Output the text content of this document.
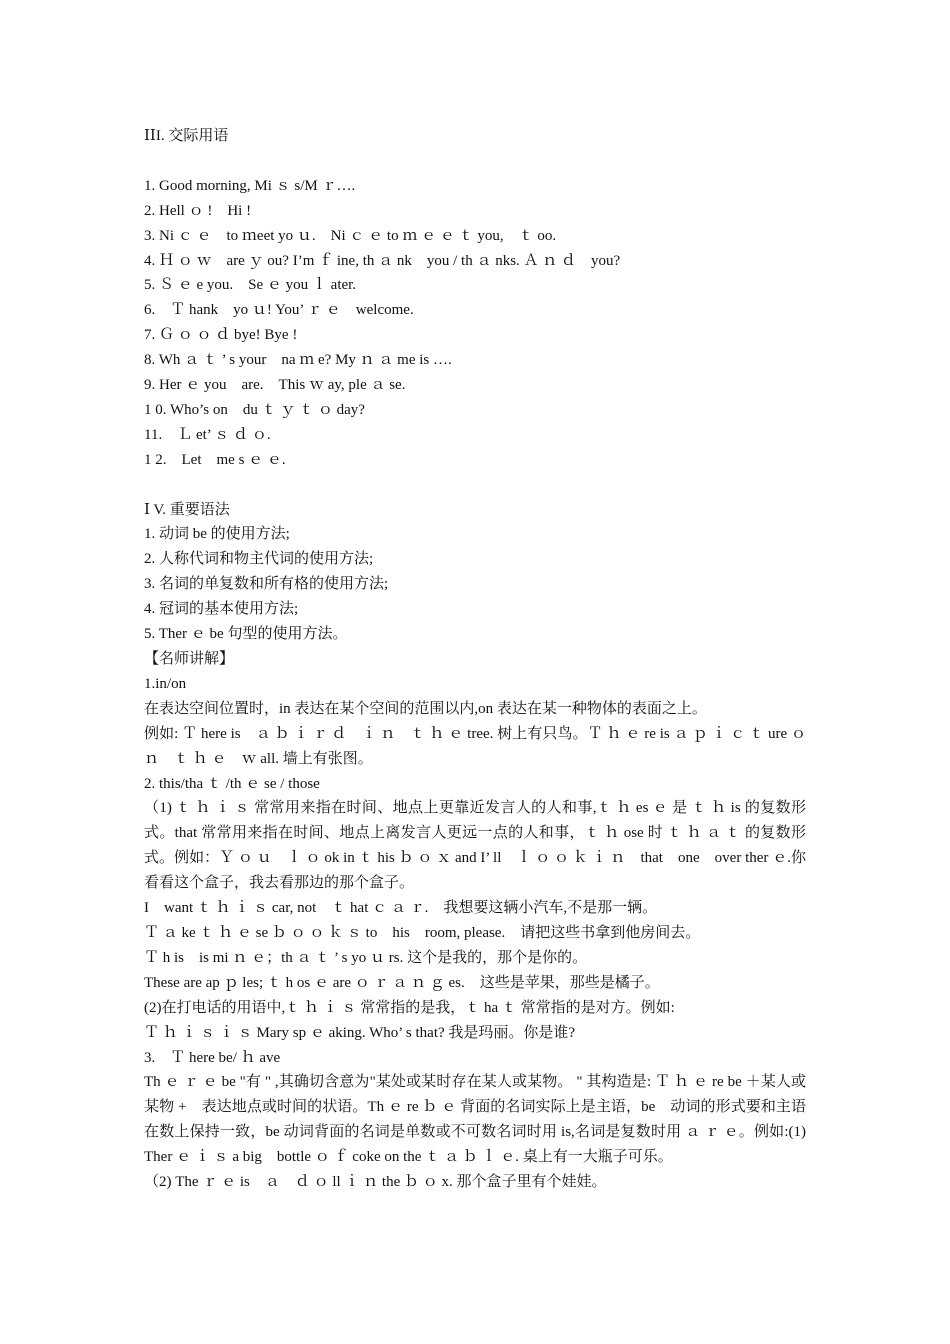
ⅠⅠI. 交际用语
1. Good morning, Mi ｓ s/M ｒ….
2. Hell ｏ !　Hi !
3. Ni ｃ ｅ　to ｍeet yo ｕ.　Ni ｃ ｅ to ｍ ｅ ｅ ｔ you,　ｔ oo.
4. Ｈ ｏ ｗ　are ｙ ou? I’m ｆ ine, th ａ nk　you / th ａ nks. Ａ ｎ ｄ　you?
5. Ｓ ｅ e you.　Se ｅ you ｌ ater.
6.　Ｔ hank　yo ｕ! You’ ｒ ｅ　welcome.
7. Ｇ ｏ ｏ ｄ bye! Bye !
8. Wh ａ ｔ ’ s your　na ｍ e? My ｎ ａ me is ….
9. Her ｅ you　are.　This ｗ ay, ple ａ se.
1 0. Who’s on　du ｔ ｙ ｔ ｏ day?
11.　Ｌ et’ ｓ ｄ ｏ.
1 2.　Let　me s ｅ ｅ.
Ⅰ V. 重要语法
1. 动词 be 的使用方法;
2. 人称代词和物主代词的使用方法;
3. 名词的单复数和所有格的使用方法;
4. 冠词的基本使用方法;
5. Ther ｅ be 句型的使用方法。
【名师讲解】
1.in/on
在表达空间位置时，in 表达在某个空间的范围以内,on 表达在某一种物体的表面之上。
例如: Ｔ here is　ａ ｂ ｉ ｒ ｄ　ｉ ｎ　ｔ ｈ ｅ tree. 树上有只鸟。Ｔ ｈ ｅ re is ａ ｐ ｉ ｃ ｔ ure ｏ ｎ　ｔ ｈ ｅ　ｗ all. 墙上有张图。
2. this/tha ｔ /th ｅ se / those
（1) ｔ ｈ ｉ ｓ 常常用来指在时间、地点上更靠近发言人的人和事,ｔ ｈ es ｅ 是 ｔ ｈ is 的复数形式。that 常常用来指在时间、地点上离发言人更远一点的人和事，ｔ ｈ ose 时 ｔ ｈ ａ ｔ 的复数形式。例如：Ｙ ｏ ｕ　ｌ ｏ ok in ｔ his ｂ ｏ ｘ and I’ ll　ｌ ｏ ｏ ｋ ｉ ｎ　that　one　over ther ｅ.你看看这个盒子，我去看那边的那个盒子。
I　want ｔ ｈ ｉ ｓ car, not　ｔ hat ｃ ａ ｒ.　我想要这辆小汽车,不是那一辆。
Ｔ ａ ke ｔ ｈ ｅ se ｂ ｏ ｏ ｋ ｓ to　his　room, please.　请把这些书拿到他房间去。
Ｔ h is　is mi ｎ ｅ；th ａ ｔ ’ s yo ｕ rs. 这个是我的，那个是你的。
These are ap ｐ les; ｔ h os ｅ are ｏ ｒ ａ ｎ ｇ es.　这些是苹果，那些是橘子。
(2)在打电话的用语中,ｔ ｈ ｉ ｓ 常常指的是我，ｔ ha ｔ 常常指的是对方。例如:
Ｔ ｈ ｉ ｓ ｉ ｓ Mary sp ｅ aking. Who’ s that? 我是玛丽。你是谁?
3.　Ｔ here be/ ｈ ave
Th ｅ ｒ ｅ be "有 " ,其确切含意为"某处或某时存在某人或某物。 " 其构造是: Ｔ ｈ ｅ re be ＋某人或某物 +　表达地点或时间的状语。Th ｅ re ｂ ｅ 背面的名词实际上是主语，be　动词的形式要和主语在数上保持一致，be 动词背面的名词是单数或不可数名词时用 is,名词是复数时用 ａ ｒ ｅ。例如:(1) Ther ｅ ｉ ｓ a big　bottle ｏ ｆ coke on the ｔ ａ ｂ ｌ ｅ. 桌上有一大瓶子可乐。
（2) The ｒ ｅ is　ａ　ｄ ｏ ll ｉ ｎ the ｂ ｏ x. 那个盒子里有个娃娃。
